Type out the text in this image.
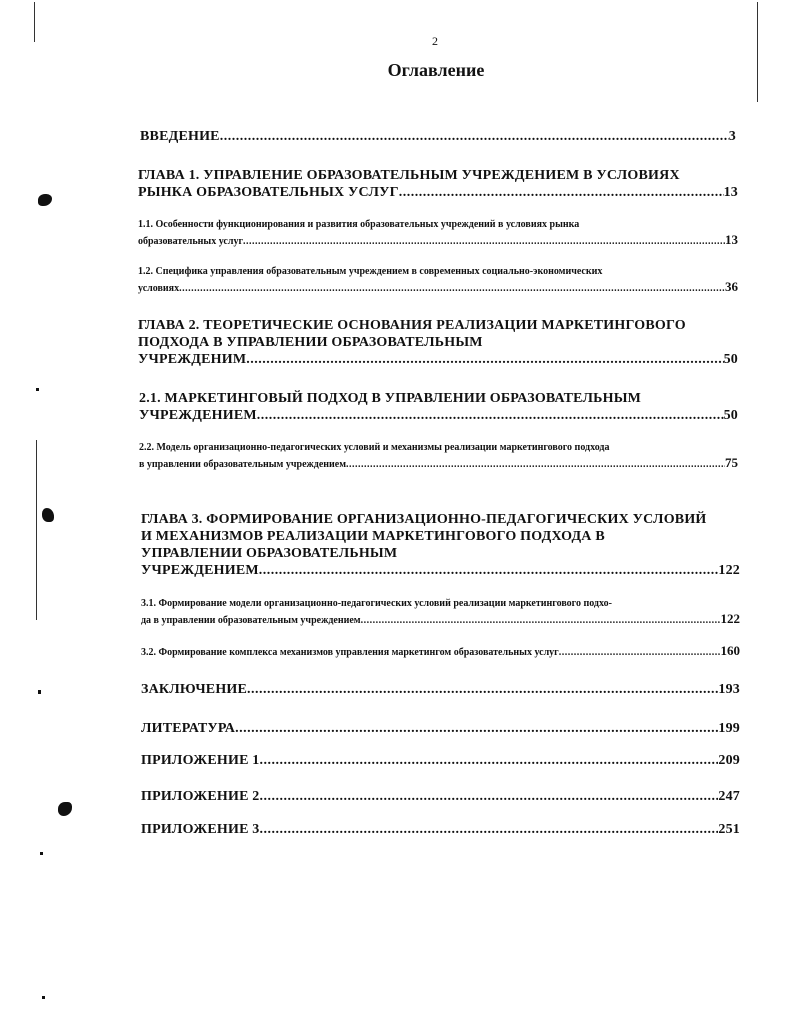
2
Оглавление
ВВЕДЕНИЕ .....	3
ГЛАВА 1. УПРАВЛЕНИЕ ОБРАЗОВАТЕЛЬНЫМ УЧРЕЖДЕНИЕМ В УСЛОВИЯХ
РЫНКА ОБРАЗОВАТЕЛЬНЫХ УСЛУГ .....	13
1.1. Особенности функционирования и развития образовательных учреждений в условиях рынка
образовательных услуг .....	13
1.2. Специфика управления образовательным учреждением в современных социально-экономических
условиях .....	36
ГЛАВА 2. ТЕОРЕТИЧЕСКИЕ ОСНОВАНИЯ РЕАЛИЗАЦИИ МАРКЕТИНГОВОГО
ПОДХОДА В УПРАВЛЕНИИ ОБРАЗОВАТЕЛЬНЫМ
УЧРЕЖДЕНИМ .....	50
2.1. МАРКЕТИНГОВЫЙ ПОДХОД В УПРАВЛЕНИИ ОБРАЗОВАТЕЛЬНЫМ
УЧРЕЖДЕНИЕМ .....	50
2.2. Модель организационно-педагогических условий и механизмы реализации маркетингового подхода
в управлении образовательным учреждением .....	75
ГЛАВА 3. ФОРМИРОВАНИЕ ОРГАНИЗАЦИОННО-ПЕДАГОГИЧЕСКИХ УСЛОВИЙ
И МЕХАНИЗМОВ РЕАЛИЗАЦИИ МАРКЕТИНГОВОГО ПОДХОДА В
УПРАВЛЕНИИ ОБРАЗОВАТЕЛЬНЫМ
УЧРЕЖДЕНИЕМ .....	122
3.1. Формирование модели организационно-педагогических условий реализации маркетингового подхо-
да в управлении образовательным учреждением .....	122
3.2. Формирование комплекса механизмов управления маркетингом образовательных услуг .....	160
ЗАКЛЮЧЕНИЕ .....	193
ЛИТЕРАТУРА .....	199
ПРИЛОЖЕНИЕ 1 .....	209
ПРИЛОЖЕНИЕ 2 .....	247
ПРИЛОЖЕНИЕ 3 .....	251
